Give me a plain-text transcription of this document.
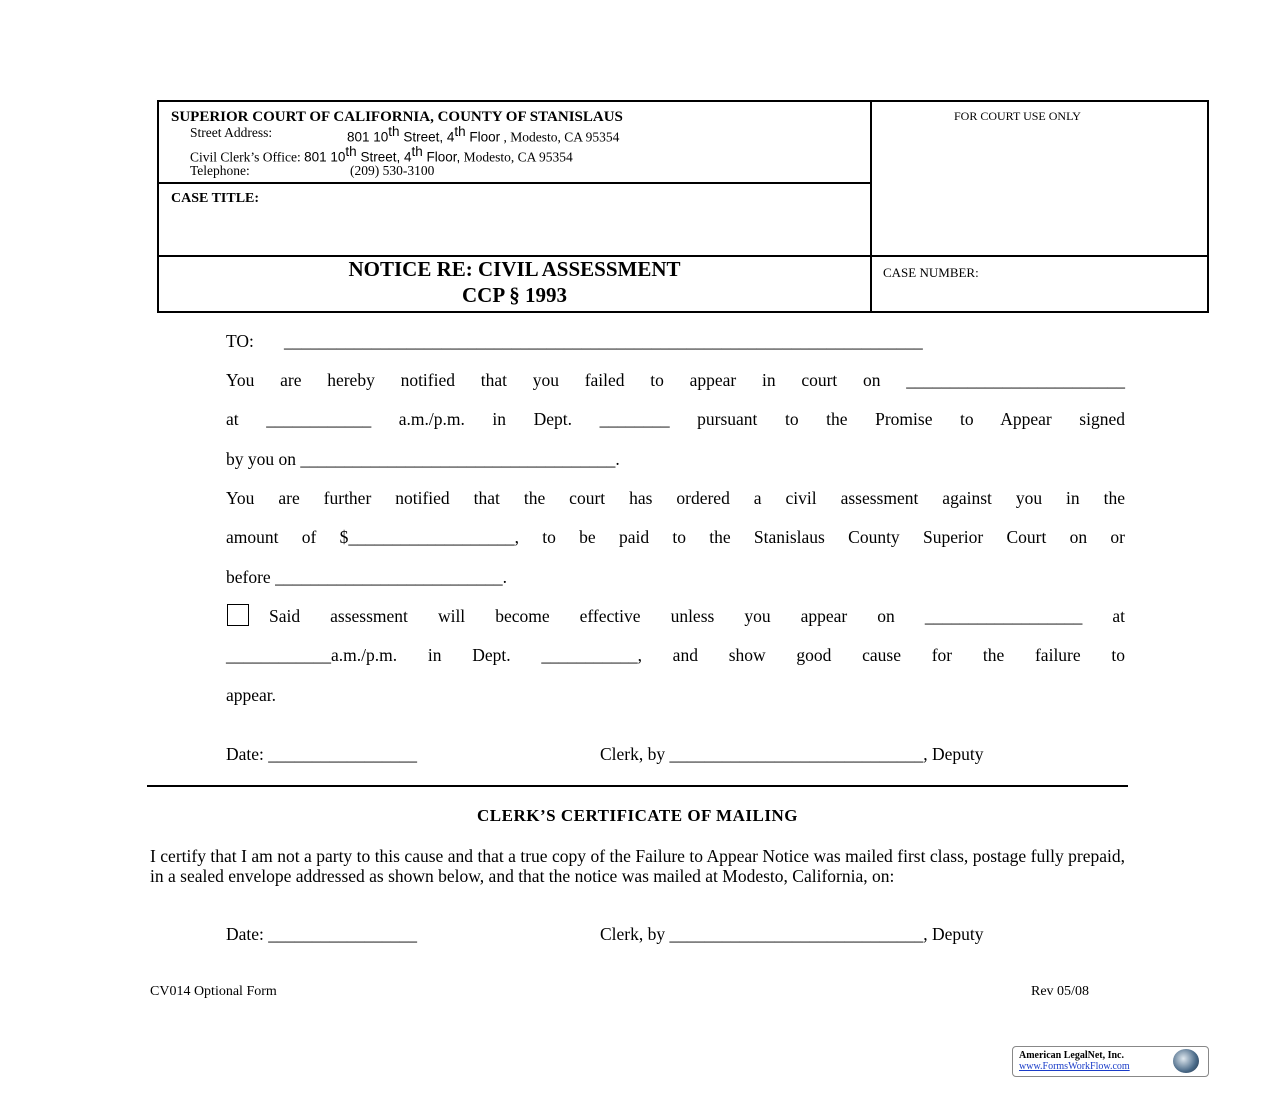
SUPERIOR COURT OF CALIFORNIA, COUNTY OF STANISLAUS
Street Address:	801 10th Street, 4th Floor , Modesto, CA 95354
Civil Clerk’s Office: 801 10th Street, 4th Floor, Modesto, CA 95354
Telephone:	(209) 530-3100
FOR COURT USE ONLY
CASE TITLE:
NOTICE RE: CIVIL ASSESSMENT
CCP § 1993
CASE NUMBER:
TO: _________________________________________________________________________
You are hereby notified that you failed to appear in court on _________________________
at ____________ a.m./p.m. in Dept. ________ pursuant to the Promise to Appear signed
by you on ____________________________________.
You are further notified that the court has ordered a civil assessment against you in the
amount of $___________________, to be paid to the Stanislaus County Superior Court on or
before __________________________.
Said assessment will become effective unless you appear on __________________ at
____________a.m./p.m. in Dept. ___________, and show good cause for the failure to
appear.
Date: _________________	Clerk, by _____________________________, Deputy
CLERK’S CERTIFICATE OF MAILING
I certify that I am not a party to this cause and that a true copy of the Failure to Appear Notice was mailed first class, postage fully prepaid, in a sealed envelope addressed as shown below, and that the notice was mailed at Modesto, California, on:
Date: _________________	Clerk, by _____________________________, Deputy
CV014 Optional Form	Rev 05/08
American LegalNet, Inc.
www.FormsWorkFlow.com
